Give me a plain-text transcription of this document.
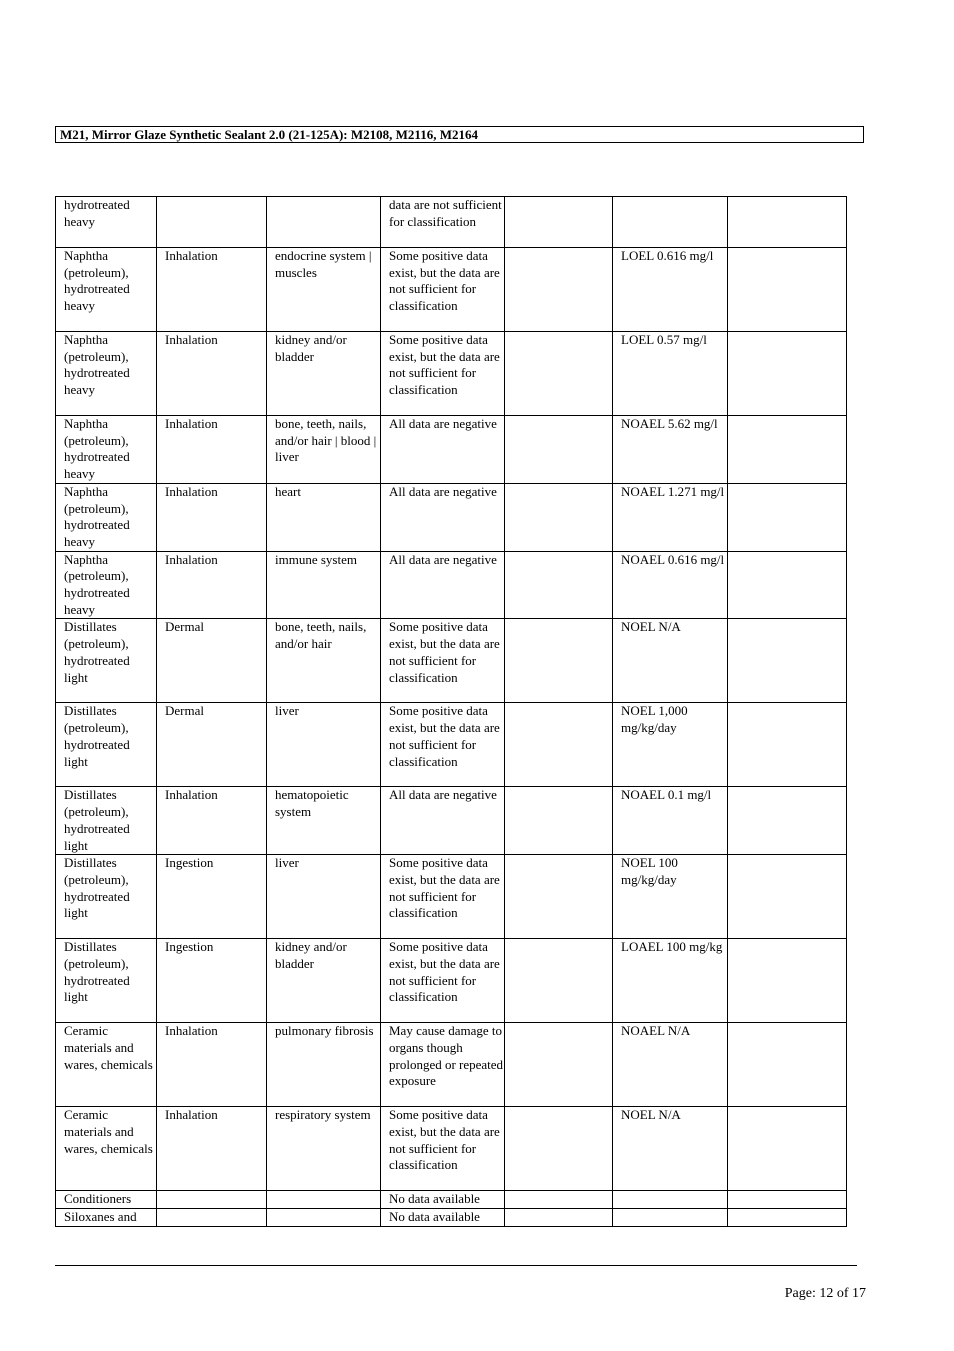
M21, Mirror Glaze Synthetic Sealant 2.0 (21-125A): M2108, M2116, M2164
hydrotreated heavy			data are not sufficient for classification			
Naphtha (petroleum), hydrotreated heavy	Inhalation	endocrine system | muscles	Some positive data exist, but the data are not sufficient for classification		LOEL 0.616 mg/l	
Naphtha (petroleum), hydrotreated heavy	Inhalation	kidney and/or bladder	Some positive data exist, but the data are not sufficient for classification		LOEL 0.57 mg/l	
Naphtha (petroleum), hydrotreated heavy	Inhalation	bone, teeth, nails, and/or hair | blood | liver	All data are negative		NOAEL 5.62 mg/l	
Naphtha (petroleum), hydrotreated heavy	Inhalation	heart	All data are negative		NOAEL 1.271 mg/l	
Naphtha (petroleum), hydrotreated heavy	Inhalation	immune system	All data are negative		NOAEL 0.616 mg/l	
Distillates (petroleum), hydrotreated light	Dermal	bone, teeth, nails, and/or hair	Some positive data exist, but the data are not sufficient for classification		NOEL N/A	
Distillates (petroleum), hydrotreated light	Dermal	liver	Some positive data exist, but the data are not sufficient for classification		NOEL 1,000 mg/kg/day	
Distillates (petroleum), hydrotreated light	Inhalation	hematopoietic system	All data are negative		NOAEL 0.1 mg/l	
Distillates (petroleum), hydrotreated light	Ingestion	liver	Some positive data exist, but the data are not sufficient for classification		NOEL 100 mg/kg/day	
Distillates (petroleum), hydrotreated light	Ingestion	kidney and/or bladder	Some positive data exist, but the data are not sufficient for classification		LOAEL 100 mg/kg	
Ceramic materials and wares, chemicals	Inhalation	pulmonary fibrosis	May cause damage to organs though prolonged or repeated exposure		NOAEL N/A	
Ceramic materials and wares, chemicals	Inhalation	respiratory system	Some positive data exist, but the data are not sufficient for classification		NOEL N/A	
Conditioners			No data available			
Siloxanes and			No data available			
Page: 12 of 17
